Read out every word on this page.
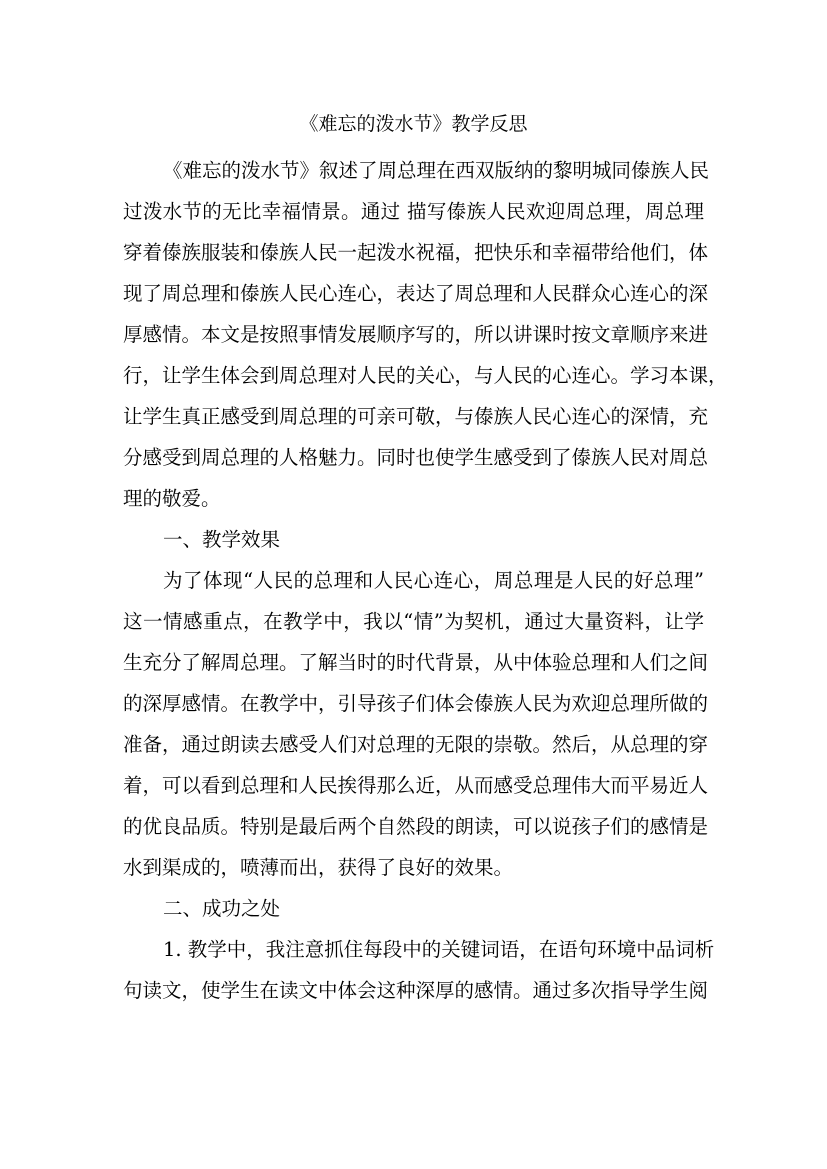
《难忘的泼水节》教学反思

《难忘的泼水节》叙述了周总理在西双版纳的黎明城同傣族人民

过泼水节的无比幸福情景。通过 描写傣族人民欢迎周总理，周总理

穿着傣族服装和傣族人民一起泼水祝福，把快乐和幸福带给他们，体

现了周总理和傣族人民心连心，表达了周总理和人民群众心连心的深

厚感情。本文是按照事情发展顺序写的，所以讲课时按文章顺序来进

行，让学生体会到周总理对人民的关心，与人民的心连心。学习本课，

让学生真正感受到周总理的可亲可敬，与傣族人民心连心的深情，充

分感受到周总理的人格魅力。同时也使学生感受到了傣族人民对周总

理的敬爱。

一、教学效果

为了体现“人民的总理和人民心连心，周总理是人民的好总理”

这一情感重点，在教学中，我以“情”为契机，通过大量资料，让学

生充分了解周总理。了解当时的时代背景，从中体验总理和人们之间

的深厚感情。在教学中，引导孩子们体会傣族人民为欢迎总理所做的

准备，通过朗读去感受人们对总理的无限的崇敬。然后，从总理的穿

着，可以看到总理和人民挨得那么近，从而感受总理伟大而平易近人

的优良品质。特别是最后两个自然段的朗读，可以说孩子们的感情是

水到渠成的，喷薄而出，获得了良好的效果。

二、成功之处

1. 教学中，我注意抓住每段中的关键词语，在语句环境中品词析

句读文，使学生在读文中体会这种深厚的感情。通过多次指导学生阅
